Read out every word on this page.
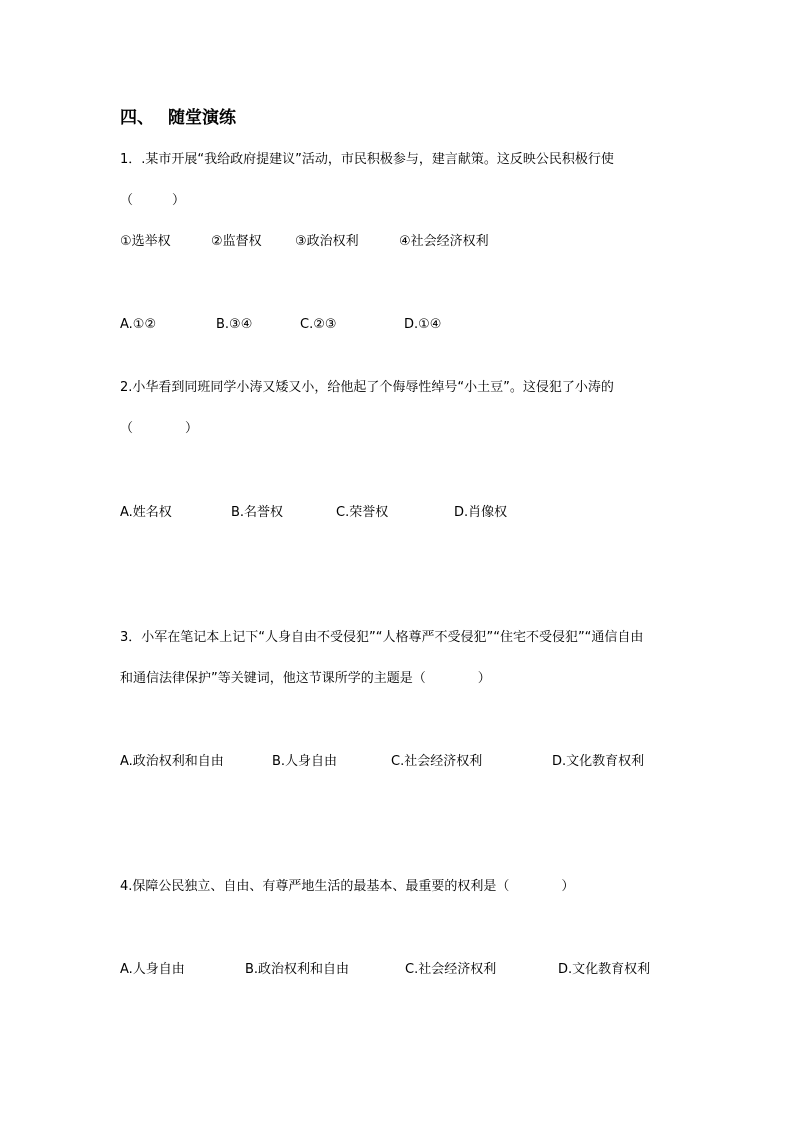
四、 随堂演练
1．.某市开展“我给政府提建议”活动，市民积极参与，建言献策。这反映公民积极行使
（　　　）
①选举权	②监督权	③政治权利	④社会经济权利
A.①②	B.③④	C.②③	D.①④
2.小华看到同班同学小涛又矮又小，给他起了个侮辱性绰号“小土豆”。这侵犯了小涛的
（　　　　）
A.姓名权	B.名誉权	C.荣誉权	D.肖像权
3．小军在笔记本上记下“人身自由不受侵犯”“人格尊严不受侵犯”“住宅不受侵犯”“通信自由
和通信法律保护”等关键词，他这节课所学的主题是（　　　　）
A.政治权利和自由	B.人身自由	C.社会经济权利	D.文化教育权利
4.保障公民独立、自由、有尊严地生活的最基本、最重要的权利是（　　　　）
A.人身自由	B.政治权利和自由	C.社会经济权利	D.文化教育权利
